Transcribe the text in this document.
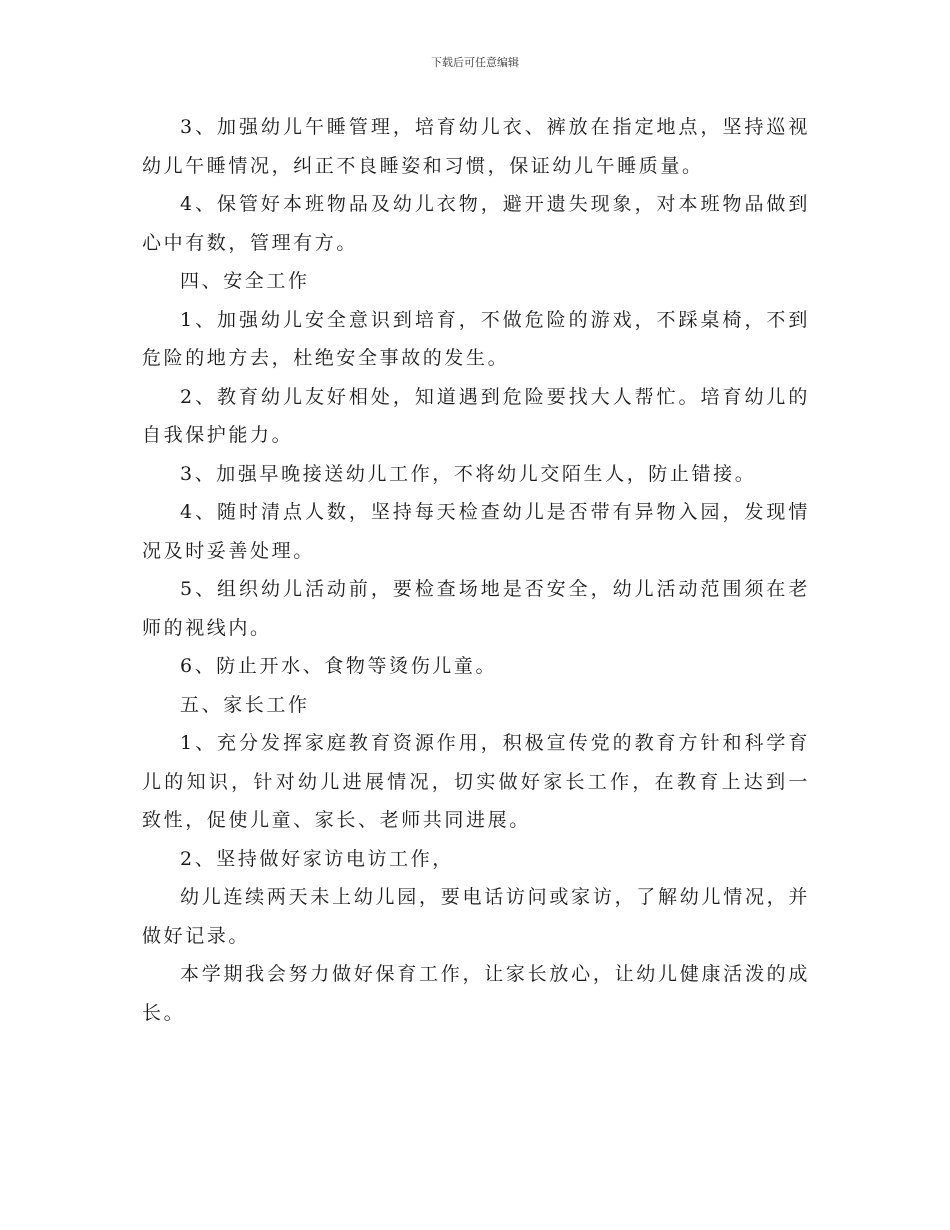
下载后可任意编辑

3、加强幼儿午睡管理，培育幼儿衣、裤放在指定地点，坚持巡视幼儿午睡情况，纠正不良睡姿和习惯，保证幼儿午睡质量。

4、保管好本班物品及幼儿衣物，避开遗失现象，对本班物品做到心中有数，管理有方。

四、安全工作

1、加强幼儿安全意识到培育，不做危险的游戏，不踩桌椅，不到危险的地方去，杜绝安全事故的发生。

2、教育幼儿友好相处，知道遇到危险要找大人帮忙。培育幼儿的自我保护能力。

3、加强早晚接送幼儿工作，不将幼儿交陌生人，防止错接。

4、随时清点人数，坚持每天检查幼儿是否带有异物入园，发现情况及时妥善处理。

5、组织幼儿活动前，要检查场地是否安全，幼儿活动范围须在老师的视线内。

6、防止开水、食物等烫伤儿童。

五、家长工作

1、充分发挥家庭教育资源作用，积极宣传党的教育方针和科学育儿的知识，针对幼儿进展情况，切实做好家长工作，在教育上达到一致性，促使儿童、家长、老师共同进展。

2、坚持做好家访电访工作，

幼儿连续两天未上幼儿园，要电话访问或家访，了解幼儿情况，并做好记录。

本学期我会努力做好保育工作，让家长放心，让幼儿健康活泼的成长。
